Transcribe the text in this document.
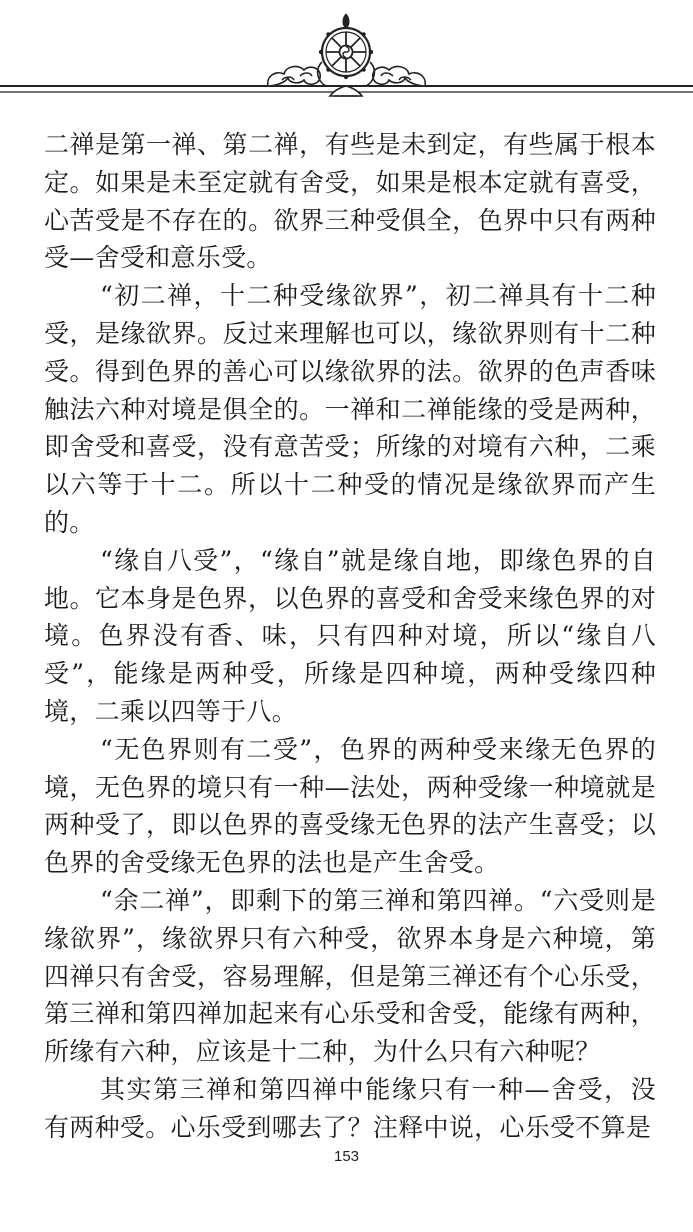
二禅是第一禅、第二禅，有些是未到定，有些属于根本定。如果是未至定就有舍受，如果是根本定就有喜受，心苦受是不存在的。欲界三种受俱全，色界中只有两种受—舍受和意乐受。

“初二禅，十二种受缘欲界”，初二禅具有十二种受，是缘欲界。反过来理解也可以，缘欲界则有十二种受。得到色界的善心可以缘欲界的法。欲界的色声香味触法六种对境是俱全的。一禅和二禅能缘的受是两种，即舍受和喜受，没有意苦受；所缘的对境有六种，二乘以六等于十二。所以十二种受的情况是缘欲界而产生的。

“缘自八受”，“缘自”就是缘自地，即缘色界的自地。它本身是色界，以色界的喜受和舍受来缘色界的对境。色界没有香、味，只有四种对境，所以“缘自八受”，能缘是两种受，所缘是四种境，两种受缘四种境，二乘以四等于八。

“无色界则有二受”，色界的两种受来缘无色界的境，无色界的境只有一种—法处，两种受缘一种境就是两种受了，即以色界的喜受缘无色界的法产生喜受；以色界的舍受缘无色界的法也是产生舍受。

“余二禅”，即剩下的第三禅和第四禅。“六受则是缘欲界”，缘欲界只有六种受，欲界本身是六种境，第四禅只有舍受，容易理解，但是第三禅还有个心乐受，第三禅和第四禅加起来有心乐受和舍受，能缘有两种，所缘有六种，应该是十二种，为什么只有六种呢？

其实第三禅和第四禅中能缘只有一种—舍受，没有两种受。心乐受到哪去了？注释中说，心乐受不算是

153
